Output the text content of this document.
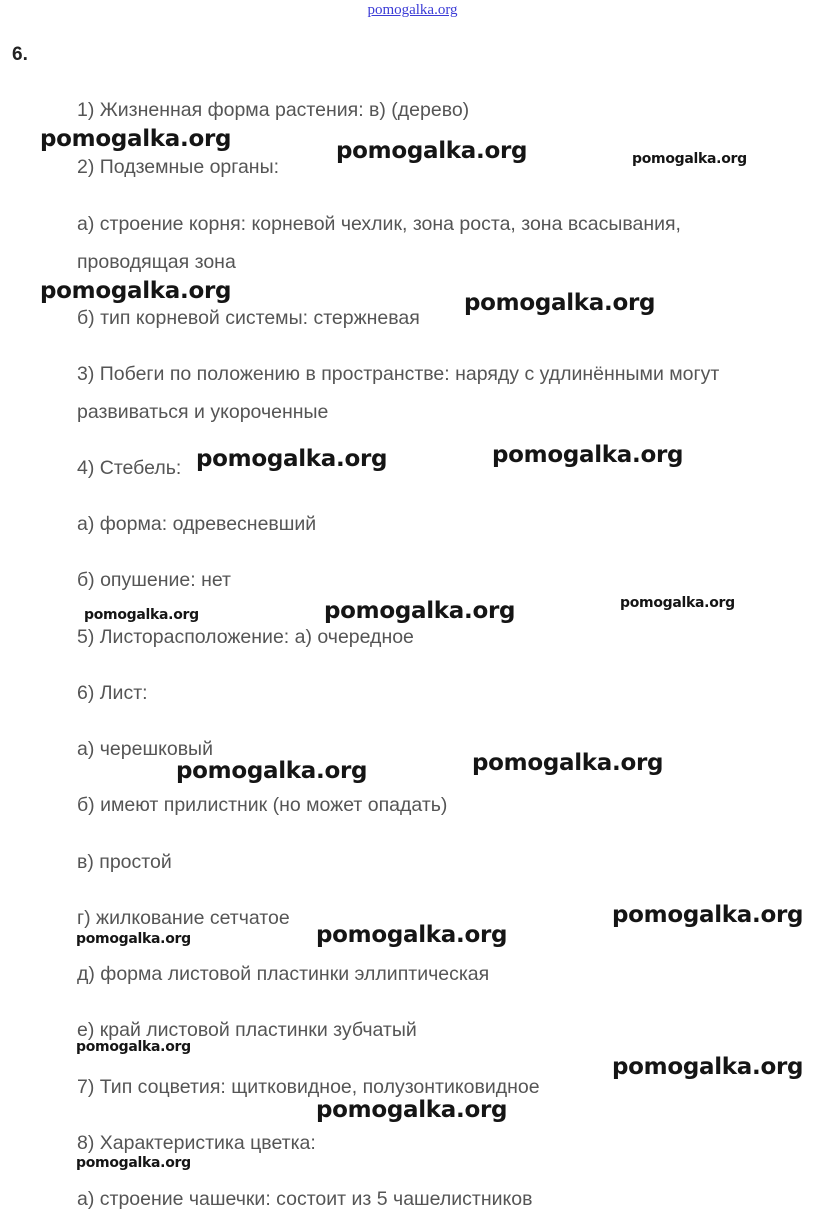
pomogalka.org
6.
1) Жизненная форма растения: в) (дерево)
2) Подземные органы:
а) строение корня: корневой чехлик, зона роста, зона всасывания,
проводящая зона
б) тип корневой системы: стержневая
3) Побеги по положению в пространстве: наряду с удлинёнными могут
развиваться и укороченные
4) Стебель:
а) форма: одревесневший
б) опушение: нет
5) Листорасположение: а) очередное
6) Лист:
а) черешковый
б) имеют прилистник (но может опадать)
в) простой
г) жилкование сетчатое
д) форма листовой пластинки эллиптическая
е) край листовой пластинки зубчатый
7) Тип соцветия: щитковидное, полузонтиковидное
8) Характеристика цветка:
а) строение чашечки: состоит из 5 чашелистников
pomogalka.org	pomogalka.org	pomogalka.org
pomogalka.org	pomogalka.org
pomogalka.org	pomogalka.org
pomogalka.org
pomogalka.org	pomogalka.org
pomogalka.org	pomogalka.org
pomogalka.org
pomogalka.org	pomogalka.org
pomogalka.org
pomogalka.org
pomogalka.org
pomogalka.org
